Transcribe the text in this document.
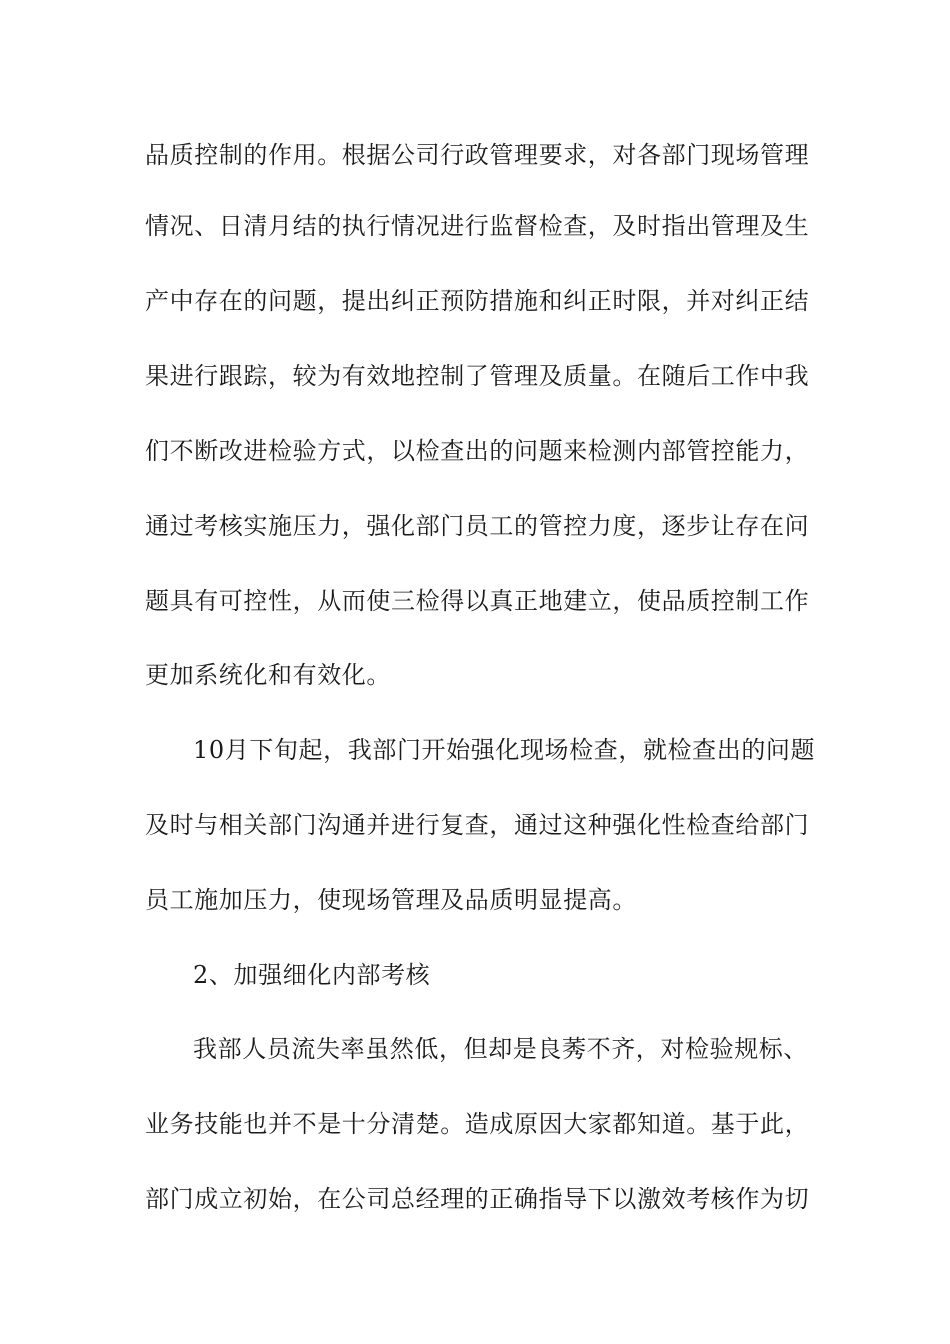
品质控制的作用。根据公司行政管理要求，对各部门现场管理
情况、日清月结的执行情况进行监督检查，及时指出管理及生
产中存在的问题，提出纠正预防措施和纠正时限，并对纠正结
果进行跟踪，较为有效地控制了管理及质量。在随后工作中我
们不断改进检验方式，以检查出的问题来检测内部管控能力，
通过考核实施压力，强化部门员工的管控力度，逐步让存在问
题具有可控性，从而使三检得以真正地建立，使品质控制工作
更加系统化和有效化。
10月下旬起，我部门开始强化现场检查，就检查出的问题
及时与相关部门沟通并进行复查，通过这种强化性检查给部门
员工施加压力，使现场管理及品质明显提高。
2、加强细化内部考核
我部人员流失率虽然低，但却是良莠不齐，对检验规标、
业务技能也并不是十分清楚。造成原因大家都知道。基于此，
部门成立初始，在公司总经理的正确指导下以激效考核作为切
